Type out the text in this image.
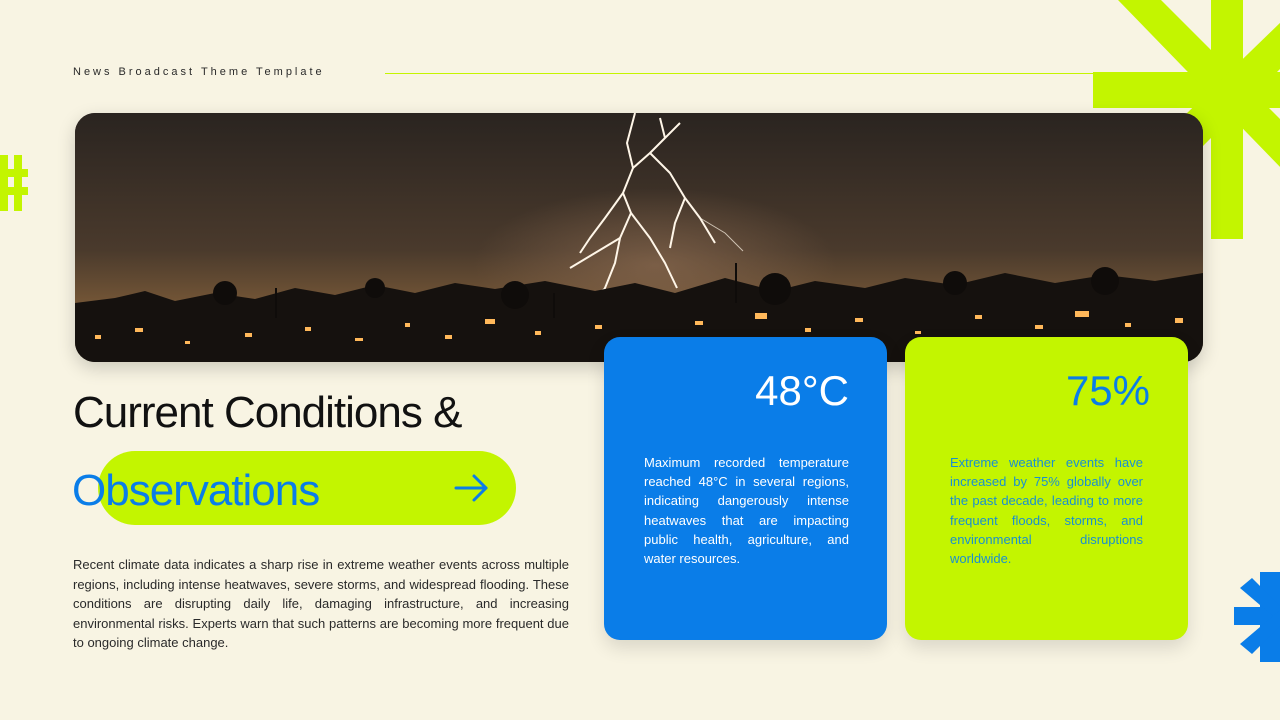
News Broadcast Theme Template
Current Conditions &
Observations
Recent climate data indicates a sharp rise in extreme weather events across multiple regions, including intense heatwaves, severe storms, and widespread flooding. These conditions are disrupting daily life, damaging infrastructure, and increasing environmental risks. Experts warn that such patterns are becoming more frequent due to ongoing climate change.
48°C
Maximum recorded temperature reached 48°C in several regions, indicating dangerously intense heatwaves that are impacting public health, agriculture, and water resources.
75%
Extreme weather events have increased by 75% globally over the past decade, leading to more frequent floods, storms, and environmental disruptions worldwide.
